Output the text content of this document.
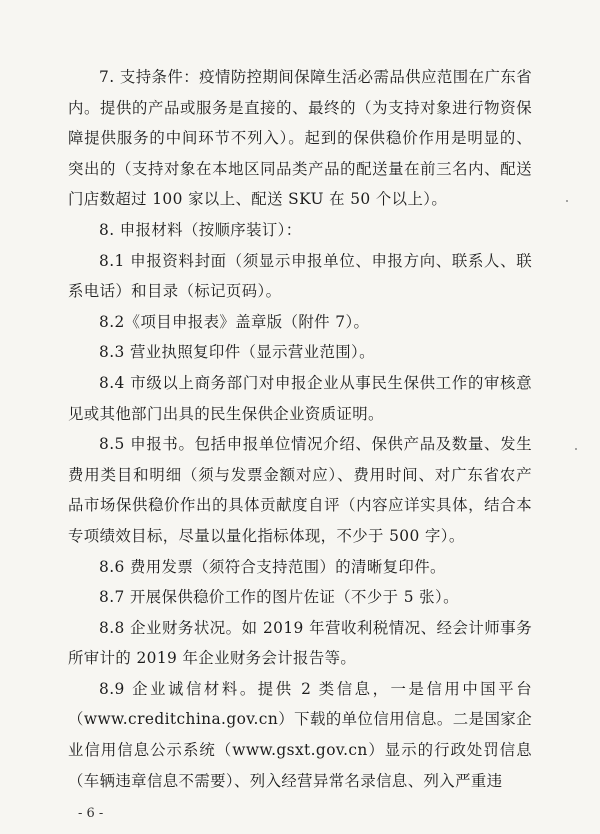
7. 支持条件：疫情防控期间保障生活必需品供应范围在广东省内。提供的产品或服务是直接的、最终的（为支持对象进行物资保障提供服务的中间环节不列入）。起到的保供稳价作用是明显的、突出的（支持对象在本地区同品类产品的配送量在前三名内、配送门店数超过 100 家以上、配送 SKU 在 50 个以上）。

8. 申报材料（按顺序装订）：

8.1 申报资料封面（须显示申报单位、申报方向、联系人、联系电话）和目录（标记页码）。

8.2《项目申报表》盖章版（附件 7）。

8.3 营业执照复印件（显示营业范围）。

8.4 市级以上商务部门对申报企业从事民生保供工作的审核意见或其他部门出具的民生保供企业资质证明。

8.5 申报书。包括申报单位情况介绍、保供产品及数量、发生费用类目和明细（须与发票金额对应）、费用时间、对广东省农产品市场保供稳价作出的具体贡献度自评（内容应详实具体，结合本专项绩效目标，尽量以量化指标体现，不少于 500 字）。

8.6 费用发票（须符合支持范围）的清晰复印件。

8.7 开展保供稳价工作的图片佐证（不少于 5 张）。

8.8 企业财务状况。如 2019 年营收利税情况、经会计师事务所审计的 2019 年企业财务会计报告等。

8.9 企业诚信材料。提供 2 类信息，一是信用中国平台（www.creditchina.gov.cn）下载的单位信用信息。二是国家企业信用信息公示系统（www.gsxt.gov.cn）显示的行政处罚信息（车辆违章信息不需要）、列入经营异常名录信息、列入严重违

- 6 -
